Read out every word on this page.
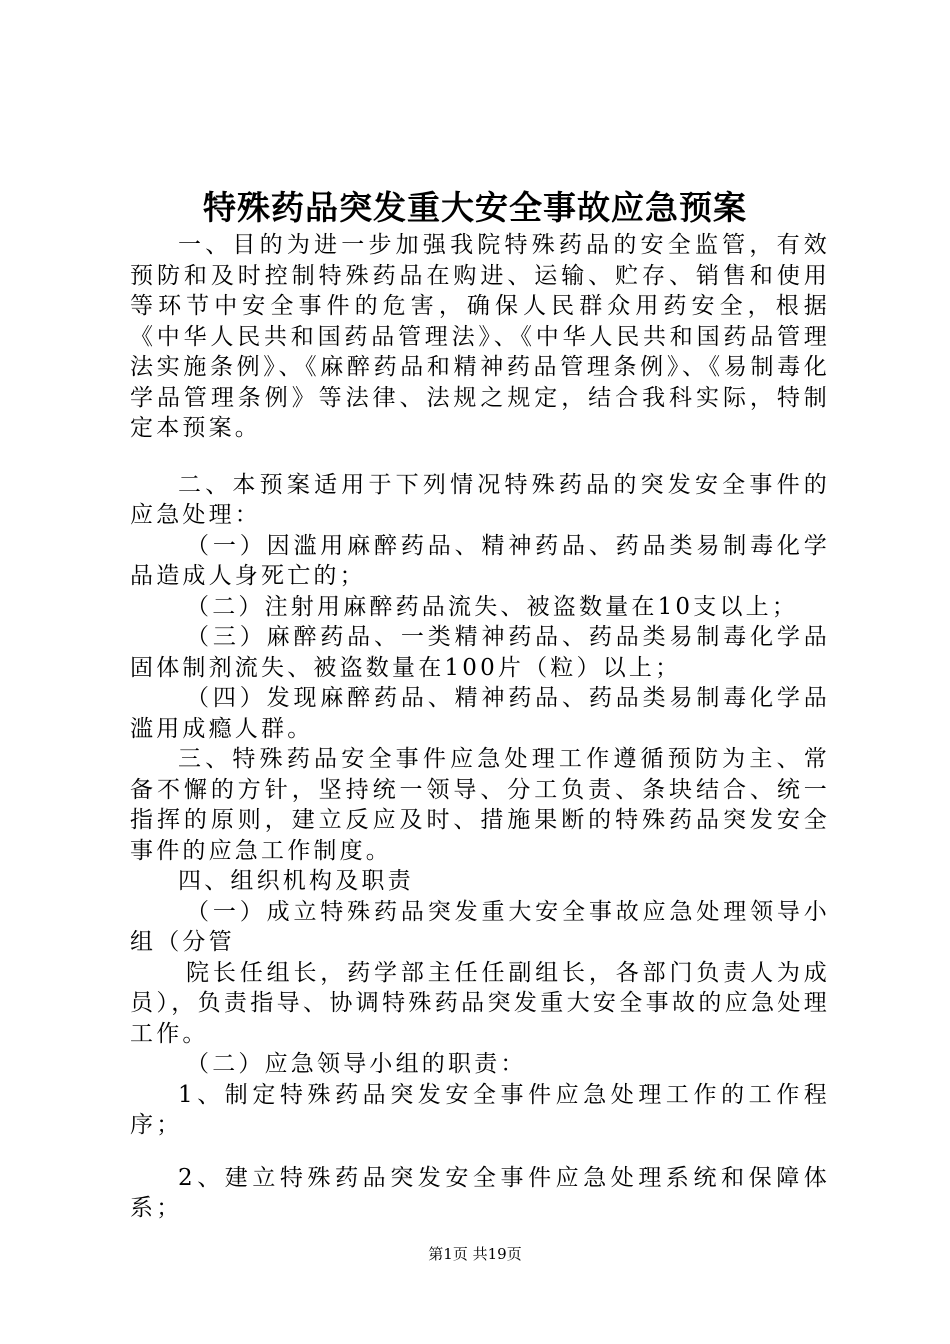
特殊药品突发重大安全事故应急预案

一、目的为进一步加强我院特殊药品的安全监管，有效预防和及时控制特殊药品在购进、运输、贮存、销售和使用等环节中安全事件的危害，确保人民群众用药安全，根据《中华人民共和国药品管理法》、《中华人民共和国药品管理法实施条例》、《麻醉药品和精神药品管理条例》、《易制毒化学品管理条例》等法律、法规之规定，结合我科实际，特制定本预案。

二、本预案适用于下列情况特殊药品的突发安全事件的应急处理：

（一）因滥用麻醉药品、精神药品、药品类易制毒化学品造成人身死亡的；

（二）注射用麻醉药品流失、被盗数量在10支以上；

（三）麻醉药品、一类精神药品、药品类易制毒化学品固体制剂流失、被盗数量在100片（粒）以上；

（四）发现麻醉药品、精神药品、药品类易制毒化学品滥用成瘾人群。

三、特殊药品安全事件应急处理工作遵循预防为主、常备不懈的方针，坚持统一领导、分工负责、条块结合、统一指挥的原则，建立反应及时、措施果断的特殊药品突发安全事件的应急工作制度。

四、组织机构及职责

（一）成立特殊药品突发重大安全事故应急处理领导小组（分管

院长任组长，药学部主任任副组长，各部门负责人为成员），负责指导、协调特殊药品突发重大安全事故的应急处理工作。

（二）应急领导小组的职责：

1、制定特殊药品突发安全事件应急处理工作的工作程序；

2、建立特殊药品突发安全事件应急处理系统和保障体系；

第1页 共19页
